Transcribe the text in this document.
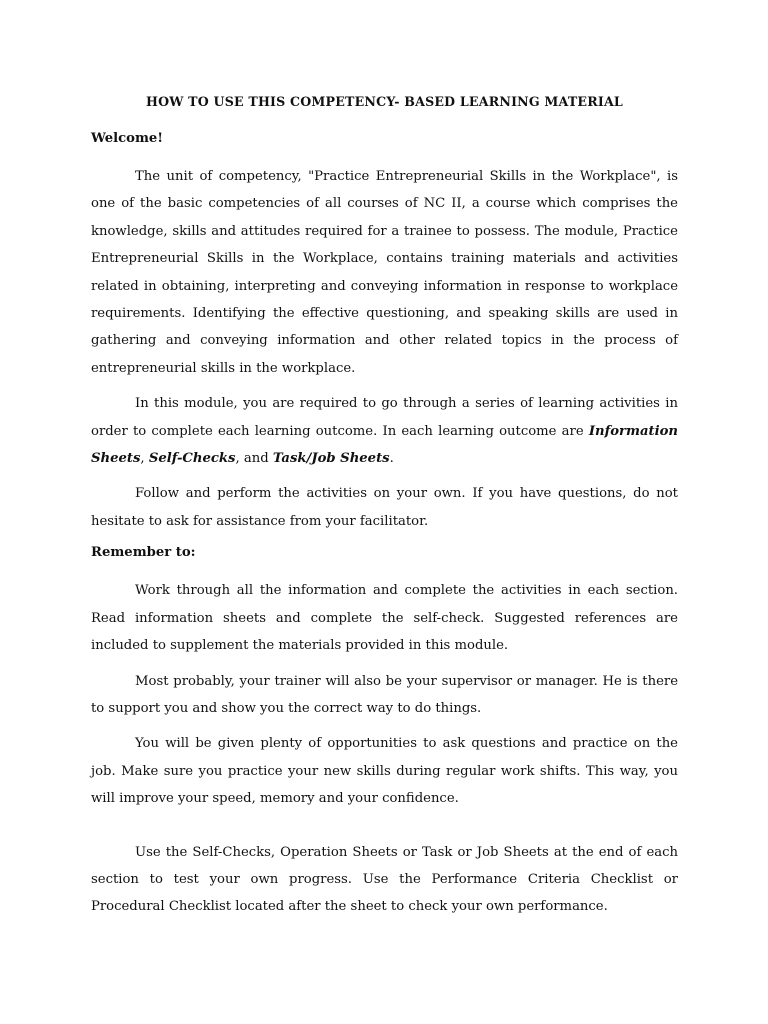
HOW TO USE THIS COMPETENCY- BASED LEARNING MATERIAL
Welcome!

The unit of competency, "Practice Entrepreneurial Skills in the Workplace", is one of the basic competencies of all courses of NC II, a course which comprises the knowledge, skills and attitudes required for a trainee to possess. The module, Practice Entrepreneurial Skills in the Workplace, contains training materials and activities related in obtaining, interpreting and conveying information in response to workplace requirements. Identifying the effective questioning, and speaking skills are used in gathering and conveying information and other related topics in the process of entrepreneurial skills in the workplace.

In this module, you are required to go through a series of learning activities in order to complete each learning outcome. In each learning outcome are Information Sheets, Self-Checks, and Task/Job Sheets.

Follow and perform the activities on your own. If you have questions, do not hesitate to ask for assistance from your facilitator.

Remember to:

Work through all the information and complete the activities in each section. Read information sheets and complete the self-check. Suggested references are included to supplement the materials provided in this module.

Most probably, your trainer will also be your supervisor or manager. He is there to support you and show you the correct way to do things.

You will be given plenty of opportunities to ask questions and practice on the job. Make sure you practice your new skills during regular work shifts. This way, you will improve your speed, memory and your confidence.

Use the Self-Checks, Operation Sheets or Task or Job Sheets at the end of each section to test your own progress. Use the Performance Criteria Checklist or Procedural Checklist located after the sheet to check your own performance.
